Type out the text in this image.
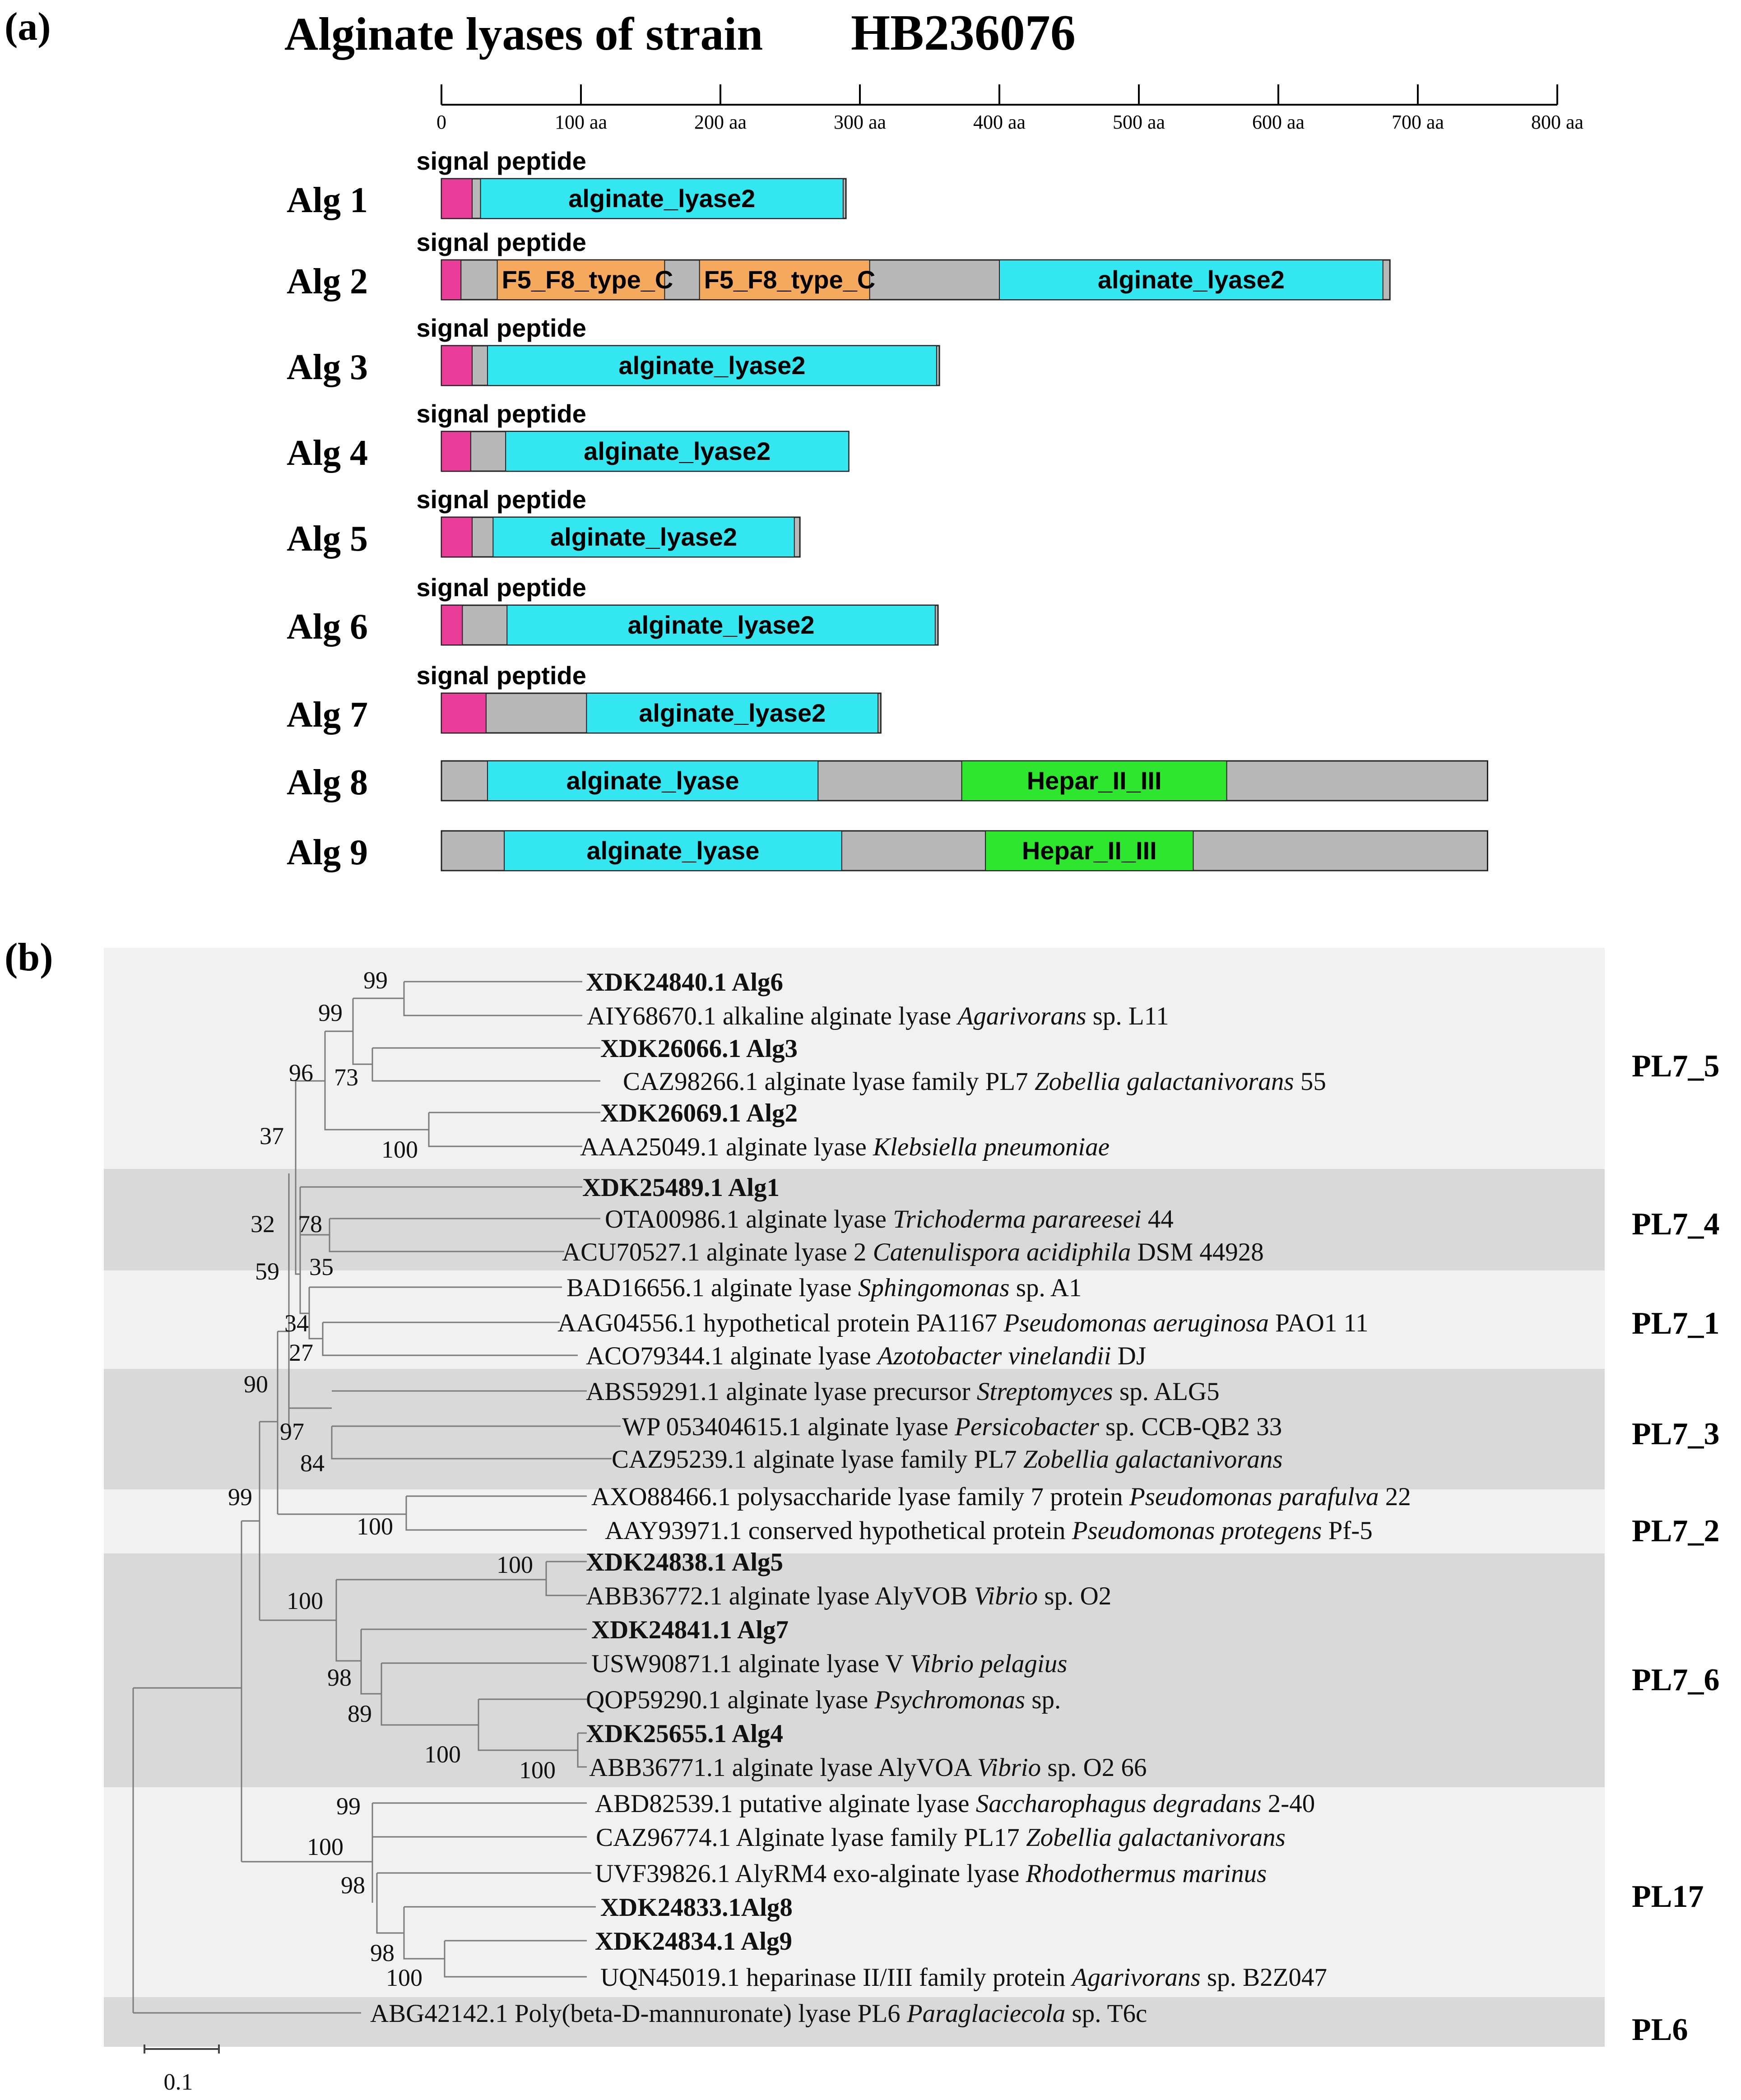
(a)	Alginate lyases of strain HB236076
0	100 aa	200 aa	300 aa	400 aa	500 aa	600 aa	700 aa	800 aa
Alg 1
signal peptide
alginate_lyase2
Alg 2
signal peptide
F5_F8_type_C F5_F8_type_C	alginate_lyase2
Alg 3
signal peptide
alginate_lyase2
Alg 4
signal peptide
alginate_lyase2
Alg 5
signal peptide
alginate_lyase2
Alg 6
signal peptide
alginate_lyase2
Alg 7
signal peptide
alginate_lyase2
Alg 8	alginate_lyase	Hepar_II_III
Alg 9	alginate_lyase	Hepar_II_III
(b)
PL7_5
PL7_4
PL7_1
PL7_3
PL7_2
PL7_6
PL17
PL6
XDK24840.1 Alg6
AIY68670.1 alkaline alginate lyase Agarivorans sp. L11
XDK26066.1 Alg3
CAZ98266.1 alginate lyase family PL7 Zobellia galactanivorans 55
XDK26069.1 Alg2
AAA25049.1 alginate lyase Klebsiella pneumoniae
XDK25489.1 Alg1
OTA00986.1 alginate lyase Trichoderma parareesei 44
ACU70527.1 alginate lyase 2 Catenulispora acidiphila DSM 44928
BAD16656.1 alginate lyase Sphingomonas sp. A1
AAG04556.1 hypothetical protein PA1167 Pseudomonas aeruginosa PAO1 11
ACO79344.1 alginate lyase Azotobacter vinelandii DJ
ABS59291.1 alginate lyase precursor Streptomyces sp. ALG5
WP 053404615.1 alginate lyase Persicobacter sp. CCB-QB2 33
CAZ95239.1 alginate lyase family PL7 Zobellia galactanivorans
AXO88466.1 polysaccharide lyase family 7 protein Pseudomonas parafulva 22
AAY93971.1 conserved hypothetical protein Pseudomonas protegens Pf-5
XDK24838.1 Alg5
ABB36772.1 alginate lyase AlyVOB Vibrio sp. O2
XDK24841.1 Alg7
USW90871.1 alginate lyase V Vibrio pelagius
QOP59290.1 alginate lyase Psychromonas sp.
XDK25655.1 Alg4
ABB36771.1 alginate lyase AlyVOA Vibrio sp. O2 66
ABD82539.1 putative alginate lyase Saccharophagus degradans 2-40
CAZ96774.1 Alginate lyase family PL17 Zobellia galactanivorans
UVF39826.1 AlyRM4 exo-alginate lyase Rhodothermus marinus
XDK24833.1Alg8
XDK24834.1 Alg9
UQN45019.1 heparinase II/III family protein Agarivorans sp. B2Z047
ABG42142.1 Poly(beta-D-mannuronate) lyase PL6 Paraglaciecola sp. T6c
99
99
73
96
100
37
32 78
35
59
34
27
90
97
84
100
99
100
100
98
89
100
100
99
100
98
98
100
0.1
